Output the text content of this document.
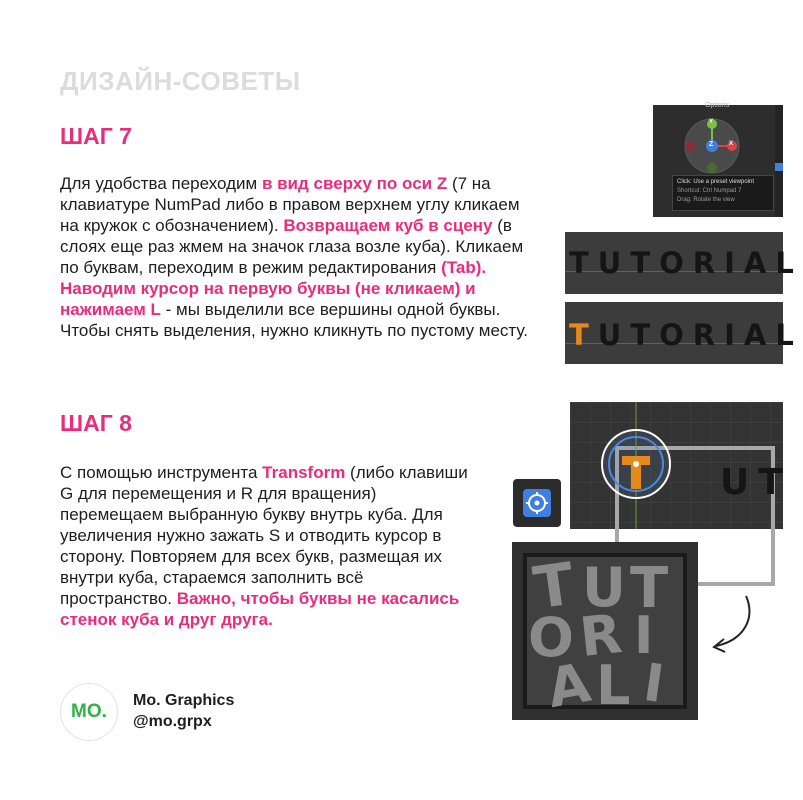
ДИЗАЙН-СОВЕТЫ
ШАГ 7
Для удобства переходим в вид сверху по оси Z (7 на клавиатуре NumPad либо в правом верхнем углу кликаем на кружок с обозначением). Возвращаем куб в сцену (в слоях еще раз жмем на значок глаза возле куба). Кликаем по буквам, переходим в режим редактирования (Tab). Наводим курсор на первую буквы (не кликаем) и нажимаем L - мы выделили все вершины одной буквы. Чтобы снять выделения, нужно кликнуть по пустому месту.
ШАГ 8
С помощью инструмента Transform (либо клавиши G для перемещения и R для вращения) перемещаем выбранную букву внутрь куба. Для увеличения нужно зажать S и отводить курсор в сторону. Повторяем для всех букв, размещая их внутри куба, стараемся заполнить всё пространство. Важно, чтобы буквы не касались стенок куба и друг друга.
MO.
Mo. Graphics
@mo.grpx
Options
Y
X
Z
Click: Use a preset viewpoint
Shortcut: Ctrl Numpad 7
Drag: Rotate the view
TUTORIAL
TUTORIAL
UT
T U T
O R I
A L I
